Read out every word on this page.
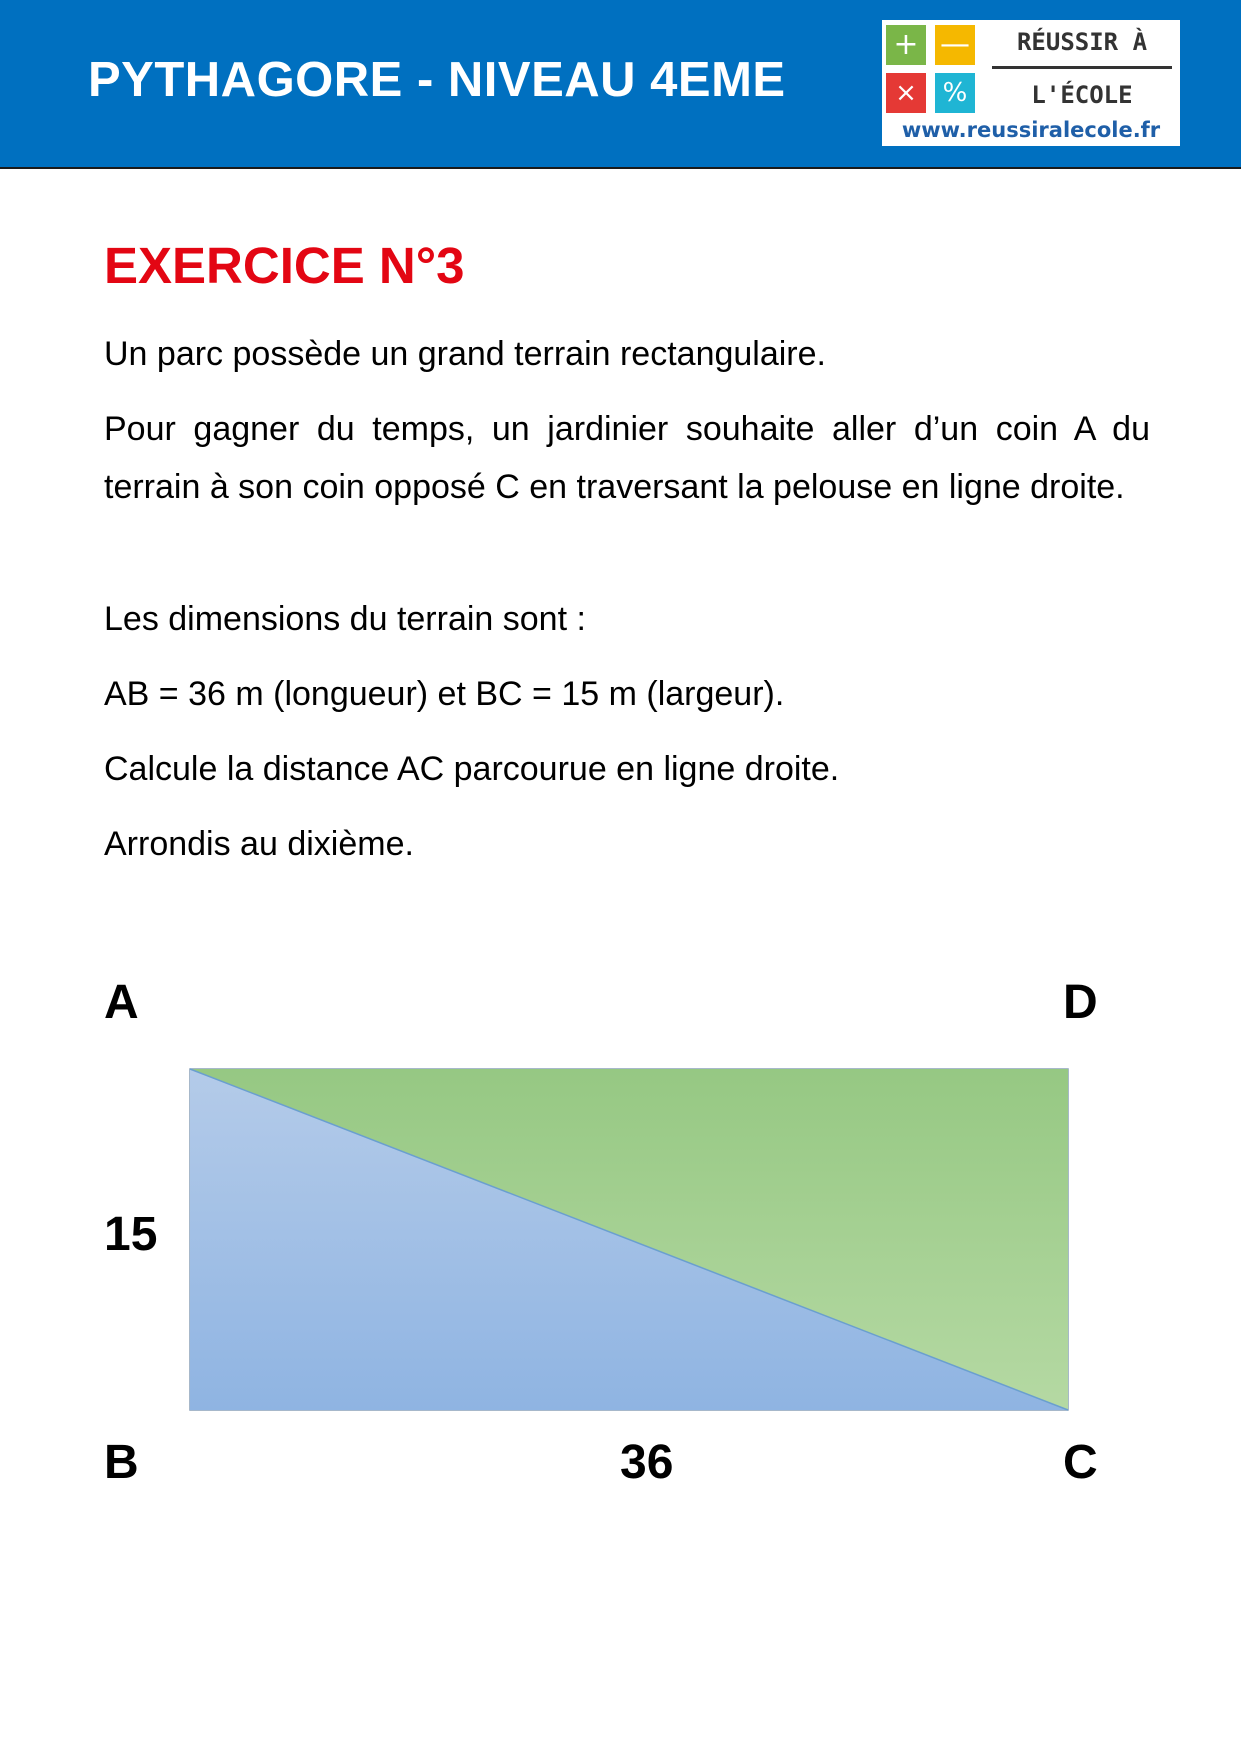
PYTHAGORE - NIVEAU 4EME
+ —
× %
RÉUSSIR À
L'ÉCOLE
www.reussiralecole.fr
EXERCICE N°3
Un parc possède un grand terrain rectangulaire.
Pour gagner du temps, un jardinier souhaite aller d’un coin A du terrain à son coin opposé C en traversant la pelouse en ligne droite.
Les dimensions du terrain sont :
AB = 36 m (longueur) et BC = 15 m (largeur).
Calcule la distance AC parcourue en ligne droite.
Arrondis au dixième.
A	D
15
B	36	C
